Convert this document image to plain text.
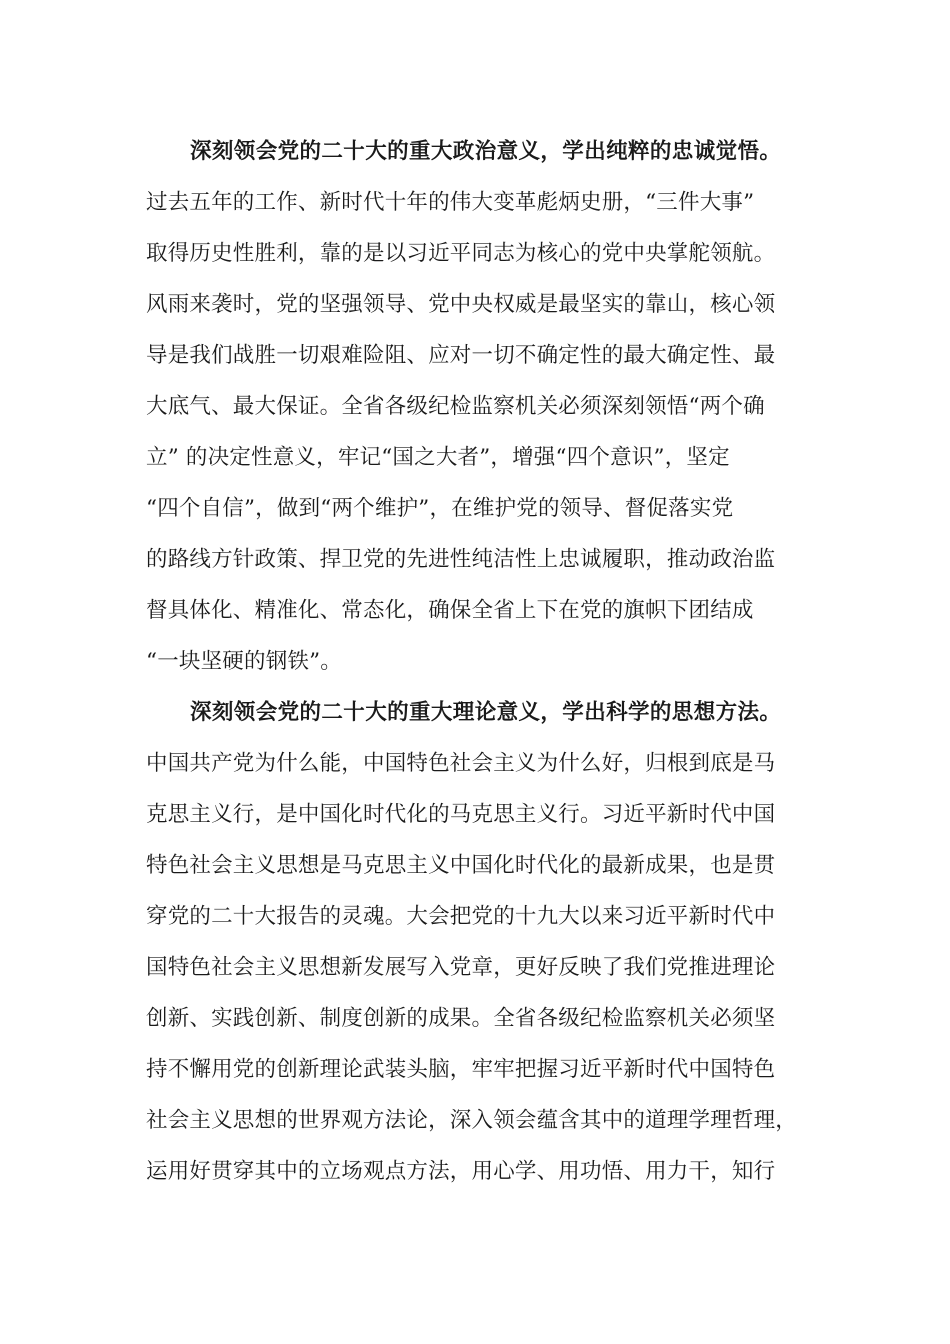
深刻领会党的二十大的重大政治意义，学出纯粹的忠诚觉悟。
过去五年的工作、新时代十年的伟大变革彪炳史册，“三件大事”
取得历史性胜利，靠的是以习近平同志为核心的党中央掌舵领航。
风雨来袭时，党的坚强领导、党中央权威是最坚实的靠山，核心领
导是我们战胜一切艰难险阻、应对一切不确定性的最大确定性、最
大底气、最大保证。全省各级纪检监察机关必须深刻领悟“两个确
立” 的决定性意义，牢记“国之大者”，增强“四个意识”，坚定
“四个自信”，做到“两个维护”，在维护党的领导、督促落实党
的路线方针政策、捍卫党的先进性纯洁性上忠诚履职，推动政治监
督具体化、精准化、常态化，确保全省上下在党的旗帜下团结成
“一块坚硬的钢铁”。
深刻领会党的二十大的重大理论意义，学出科学的思想方法。
中国共产党为什么能，中国特色社会主义为什么好，归根到底是马
克思主义行，是中国化时代化的马克思主义行。习近平新时代中国
特色社会主义思想是马克思主义中国化时代化的最新成果，也是贯
穿党的二十大报告的灵魂。大会把党的十九大以来习近平新时代中
国特色社会主义思想新发展写入党章，更好反映了我们党推进理论
创新、实践创新、制度创新的成果。全省各级纪检监察机关必须坚
持不懈用党的创新理论武装头脑，牢牢把握习近平新时代中国特色
社会主义思想的世界观方法论，深入领会蕴含其中的道理学理哲理，
运用好贯穿其中的立场观点方法，用心学、用功悟、用力干，知行
